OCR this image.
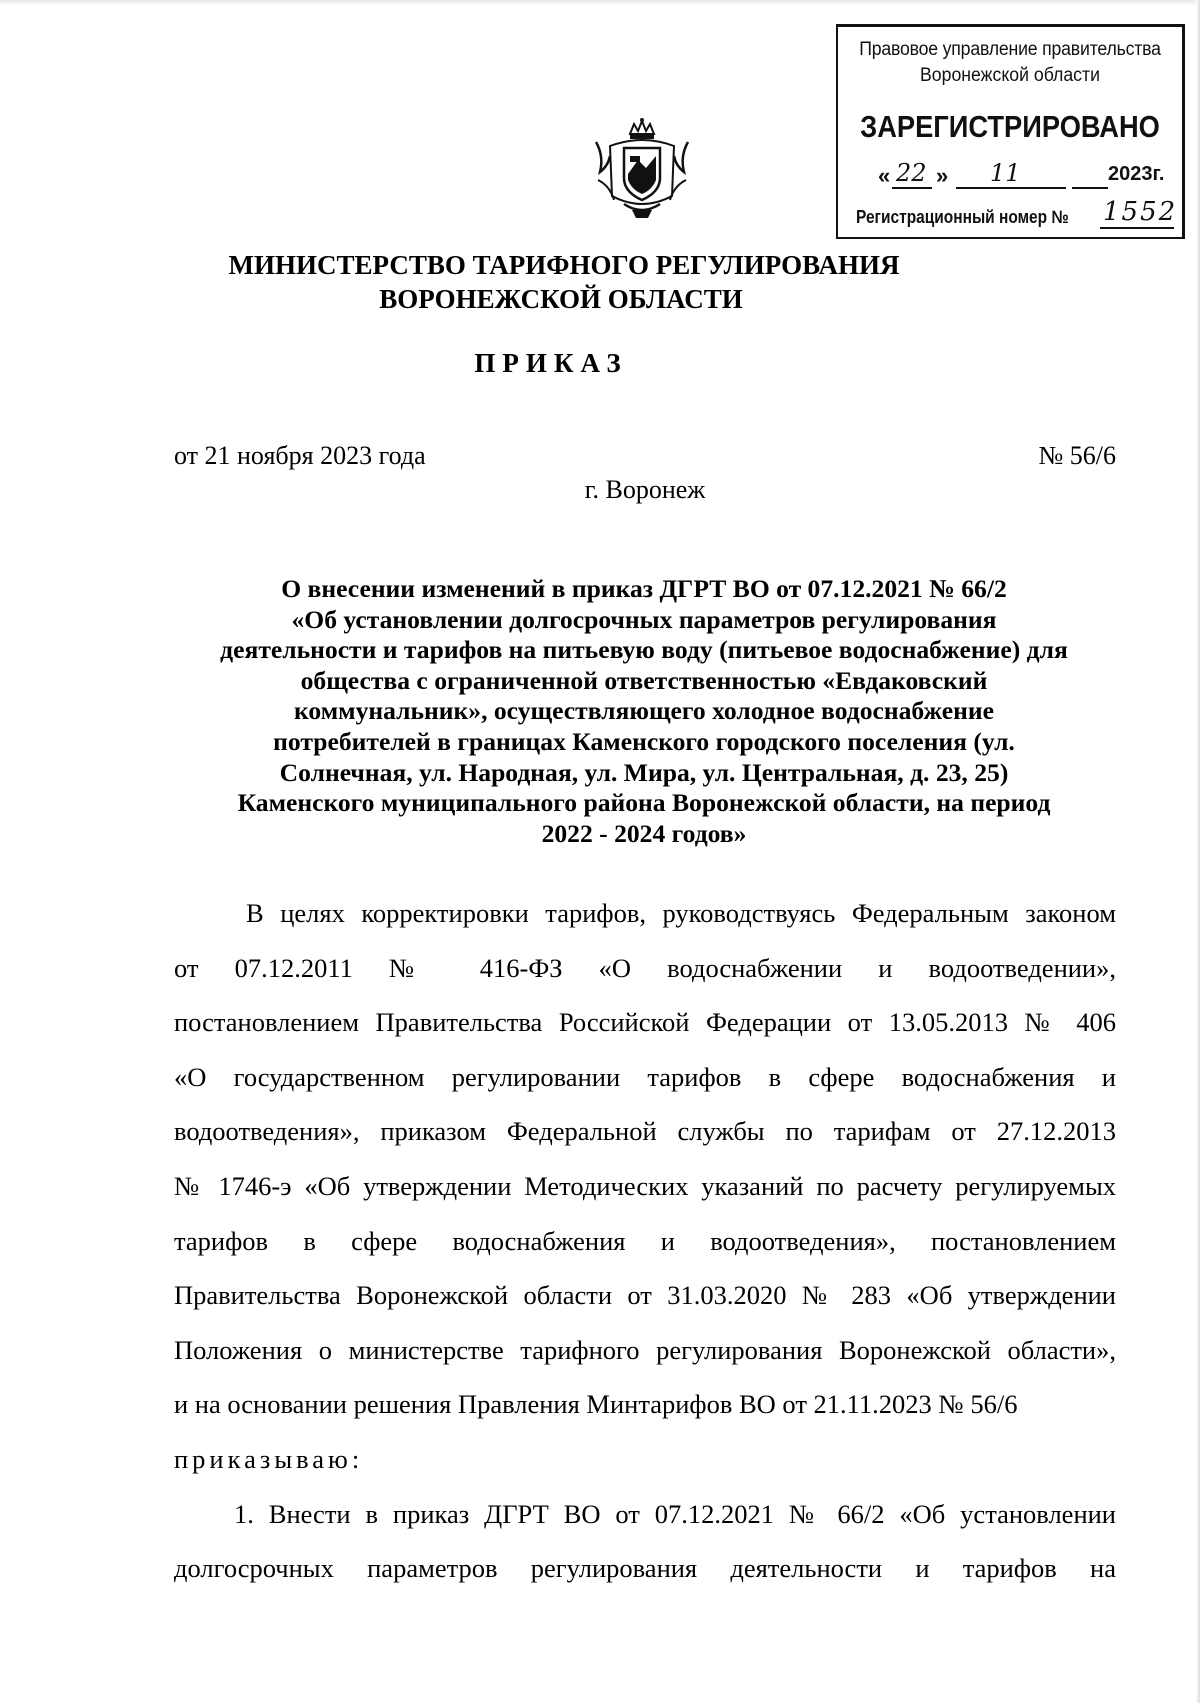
Правовое управление правительства
Воронежской области
ЗАРЕГИСТРИРОВАНО
« 22 » 11	2023г.
Регистрационный номер № 1552
МИНИСТЕРСТВО ТАРИФНОГО РЕГУЛИРОВАНИЯ
ВОРОНЕЖСКОЙ ОБЛАСТИ
ПРИКАЗ
от 21 ноября 2023 года	№ 56/6
г. Воронеж
О внесении изменений в приказ ДГРТ ВО от 07.12.2021 № 66/2
«Об установлении долгосрочных параметров регулирования
деятельности и тарифов на питьевую воду (питьевое водоснабжение) для
общества с ограниченной ответственностью «Евдаковский
коммунальник», осуществляющего холодное водоснабжение
потребителей в границах Каменского городского поселения (ул.
Солнечная, ул. Народная, ул. Мира, ул. Центральная, д. 23, 25)
Каменского муниципального района Воронежской области, на период
2022 - 2024 годов»
В целях корректировки тарифов, руководствуясь Федеральным законом
от 07.12.2011 № 416-ФЗ «О водоснабжении и водоотведении»,
постановлением Правительства Российской Федерации от 13.05.2013 № 406
«О государственном регулировании тарифов в сфере водоснабжения и
водоотведения», приказом Федеральной службы по тарифам от 27.12.2013
№ 1746-э «Об утверждении Методических указаний по расчету регулируемых
тарифов в сфере водоснабжения и водоотведения», постановлением
Правительства Воронежской области от 31.03.2020 № 283 «Об утверждении
Положения о министерстве тарифного регулирования Воронежской области»,
и на основании решения Правления Минтарифов ВО от 21.11.2023 № 56/6
приказываю:
1. Внести в приказ ДГРТ ВО от 07.12.2021 № 66/2 «Об установлении
долгосрочных параметров регулирования деятельности и тарифов на
